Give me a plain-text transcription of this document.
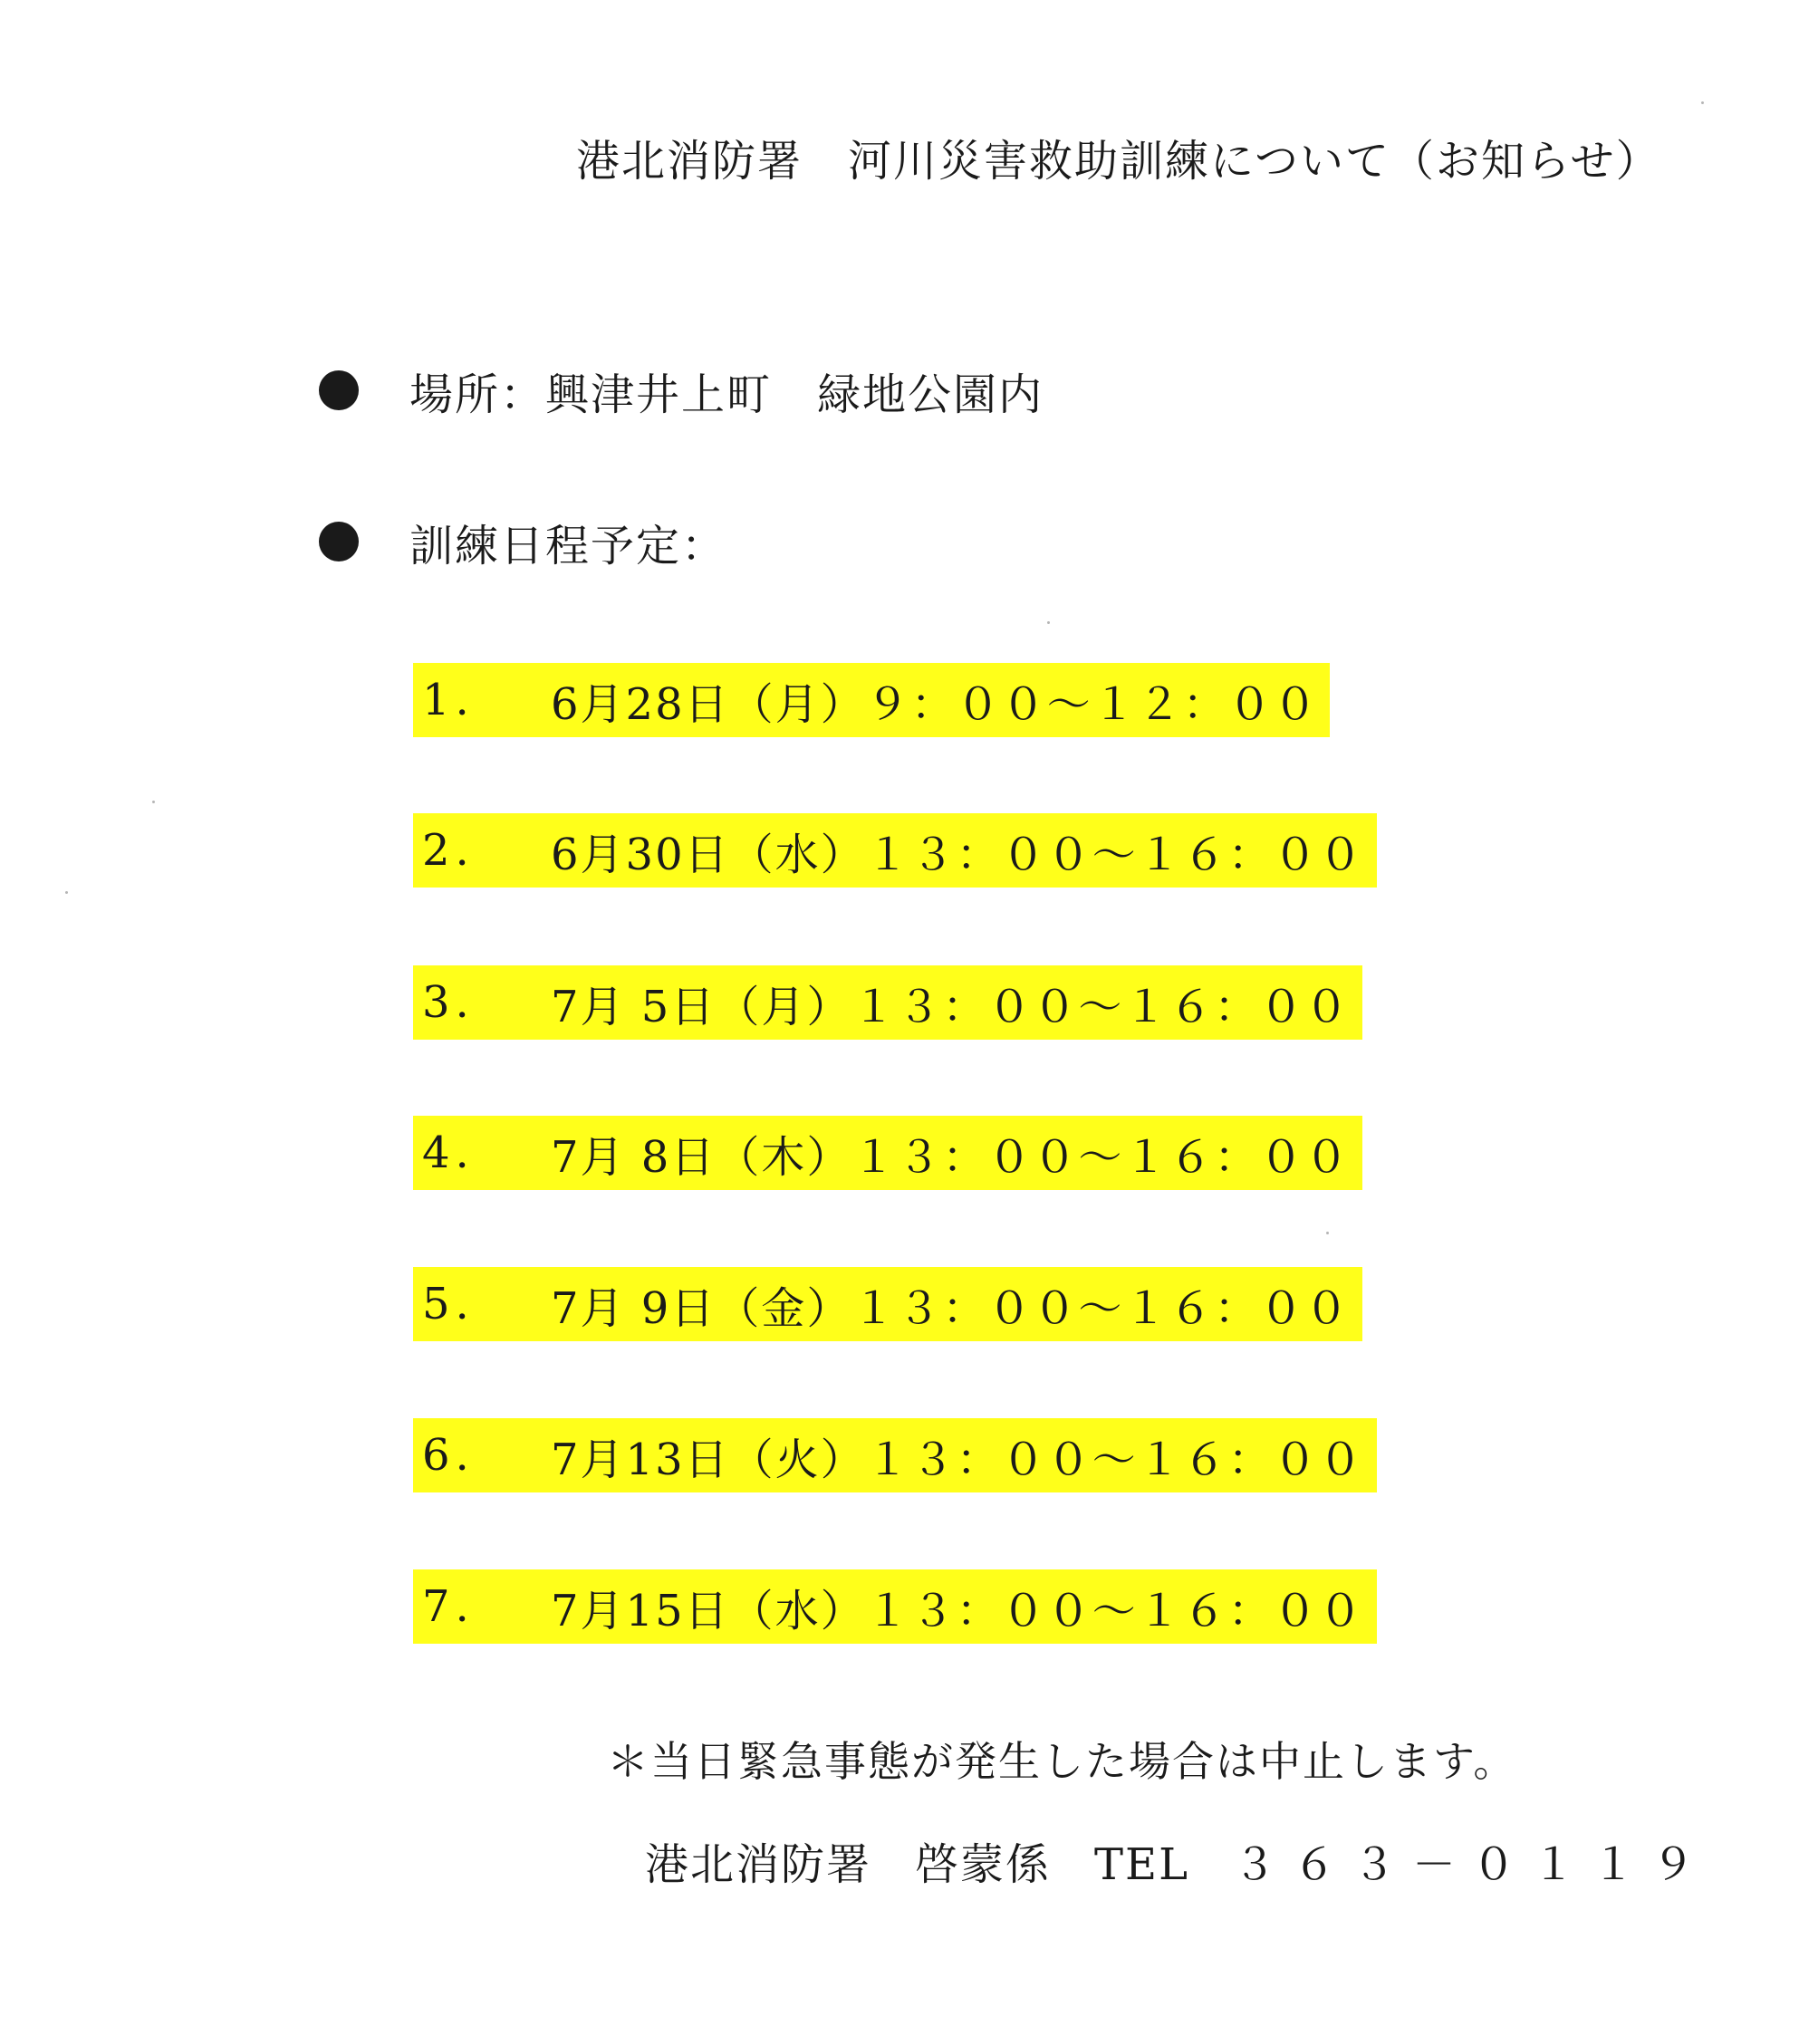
港北消防署　河川災害救助訓練について（お知らせ）
場所：興津井上町　緑地公園内
訓練日程予定：
1.	6月28日（月）９：００～１２：００
2.	6月30日（水）１３：００～１６：００
3.	7月 5日（月）１３：００～１６：００
4.	7月 8日（木）１３：００～１６：００
5.	7月 9日（金）１３：００～１６：００
6.	7月13日（火）１３：００～１６：００
7.	7月15日（水）１３：００～１６：００
＊当日緊急事態が発生した場合は中止します。
港北消防署 啓蒙係 TEL ３６３－０１１９
